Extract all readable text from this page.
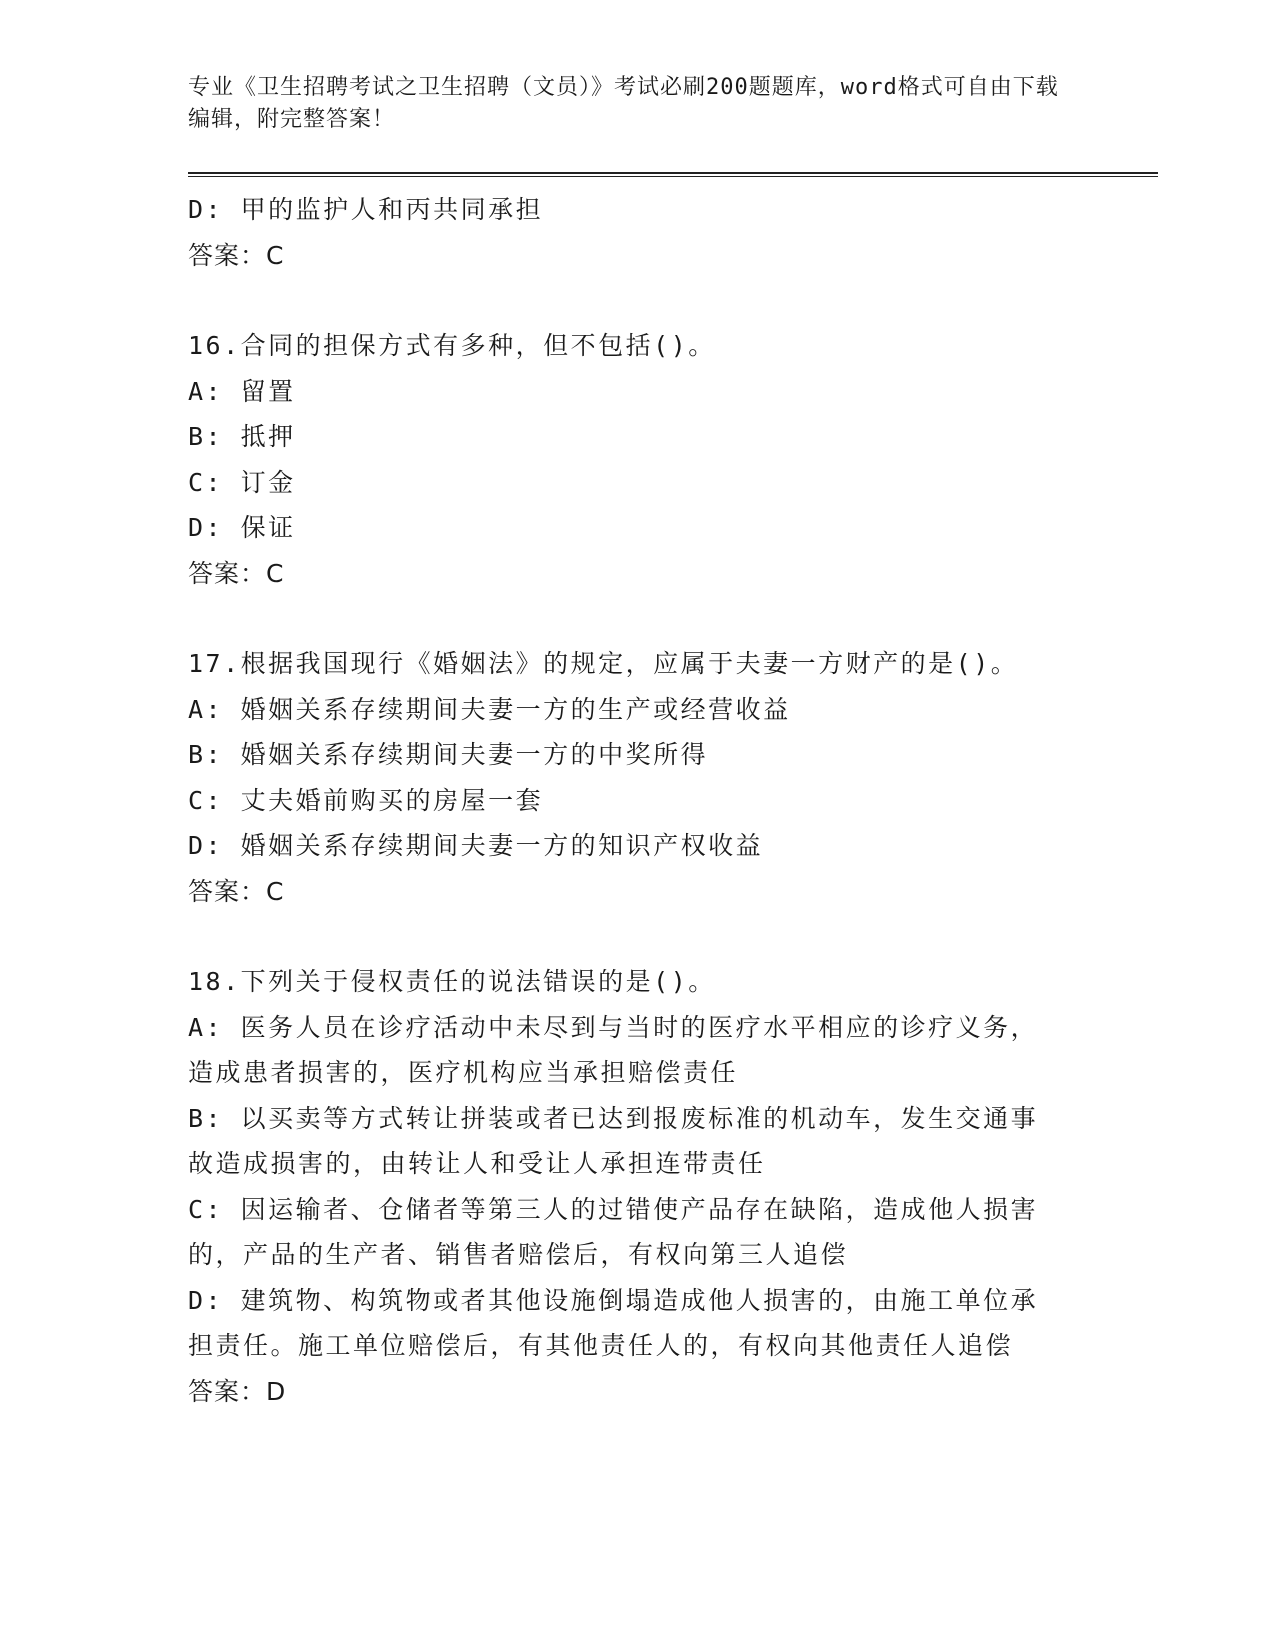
专业《卫生招聘考试之卫生招聘（文员）》考试必刷200题题库，word格式可自由下载编辑，附完整答案！

D: 甲的监护人和丙共同承担

答案：C

16.合同的担保方式有多种，但不包括()。

A: 留置

B: 抵押

C: 订金

D: 保证

答案：C

17.根据我国现行《婚姻法》的规定，应属于夫妻一方财产的是()。

A: 婚姻关系存续期间夫妻一方的生产或经营收益

B: 婚姻关系存续期间夫妻一方的中奖所得

C: 丈夫婚前购买的房屋一套

D: 婚姻关系存续期间夫妻一方的知识产权收益

答案：C

18.下列关于侵权责任的说法错误的是()。

A: 医务人员在诊疗活动中未尽到与当时的医疗水平相应的诊疗义务，

造成患者损害的，医疗机构应当承担赔偿责任

B: 以买卖等方式转让拼装或者已达到报废标准的机动车，发生交通事

故造成损害的，由转让人和受让人承担连带责任

C: 因运输者、仓储者等第三人的过错使产品存在缺陷，造成他人损害

的，产品的生产者、销售者赔偿后，有权向第三人追偿

D: 建筑物、构筑物或者其他设施倒塌造成他人损害的，由施工单位承

担责任。施工单位赔偿后，有其他责任人的，有权向其他责任人追偿

答案：D
